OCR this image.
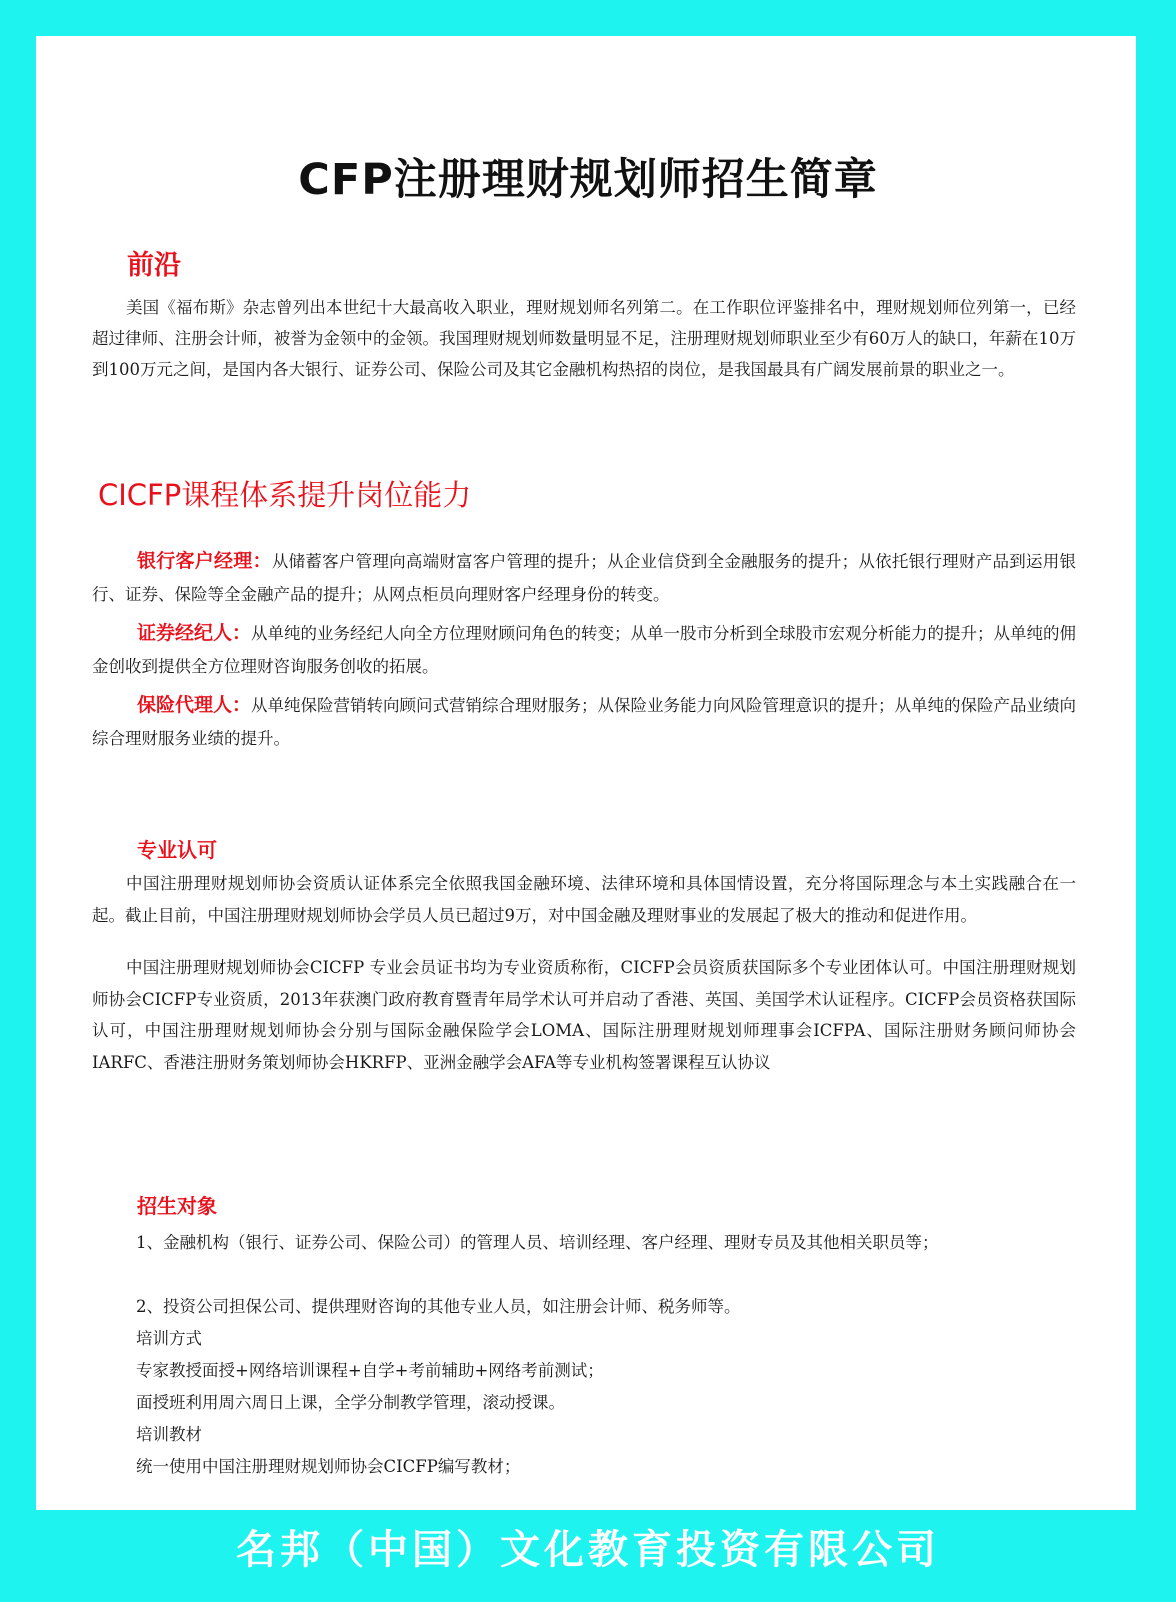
CFP注册理财规划师招生简章
前沿

美国《福布斯》杂志曾列出本世纪十大最高收入职业，理财规划师名列第二。在工作职位评鉴排名中，理财规划师位列第一，已经超过律师、注册会计师，被誉为金领中的金领。我国理财规划师数量明显不足，注册理财规划师职业至少有60万人的缺口，年薪在10万到100万元之间，是国内各大银行、证券公司、保险公司及其它金融机构热招的岗位，是我国最具有广阔发展前景的职业之一。

CICFP课程体系提升岗位能力

银行客户经理：从储蓄客户管理向高端财富客户管理的提升；从企业信贷到全金融服务的提升；从依托银行理财产品到运用银行、证券、保险等全金融产品的提升；从网点柜员向理财客户经理身份的转变。

证券经纪人：从单纯的业务经纪人向全方位理财顾问角色的转变；从单一股市分析到全球股市宏观分析能力的提升；从单纯的佣金创收到提供全方位理财咨询服务创收的拓展。

保险代理人：从单纯保险营销转向顾问式营销综合理财服务；从保险业务能力向风险管理意识的提升；从单纯的保险产品业绩向综合理财服务业绩的提升。

专业认可

中国注册理财规划师协会资质认证体系完全依照我国金融环境、法律环境和具体国情设置，充分将国际理念与本土实践融合在一起。截止目前，中国注册理财规划师协会学员人员已超过9万，对中国金融及理财事业的发展起了极大的推动和促进作用。

中国注册理财规划师协会CICFP 专业会员证书均为专业资质称衔，CICFP会员资质获国际多个专业团体认可。中国注册理财规划师协会CICFP专业资质，2013年获澳门政府教育暨青年局学术认可并启动了香港、英国、美国学术认证程序。CICFP会员资格获国际认可，中国注册理财规划师协会分别与国际金融保险学会LOMA、国际注册理财规划师理事会ICFPA、国际注册财务顾问师协会IARFC、香港注册财务策划师协会HKRFP、亚洲金融学会AFA等专业机构签署课程互认协议

招生对象

1、金融机构（银行、证券公司、保险公司）的管理人员、培训经理、客户经理、理财专员及其他相关职员等；

2、投资公司担保公司、提供理财咨询的其他专业人员，如注册会计师、税务师等。

培训方式

专家教授面授+网络培训课程+自学+考前辅助+网络考前测试；

面授班利用周六周日上课，全学分制教学管理，滚动授课。

培训教材

统一使用中国注册理财规划师协会CICFP编写教材；

名邦（中国）文化教育投资有限公司
